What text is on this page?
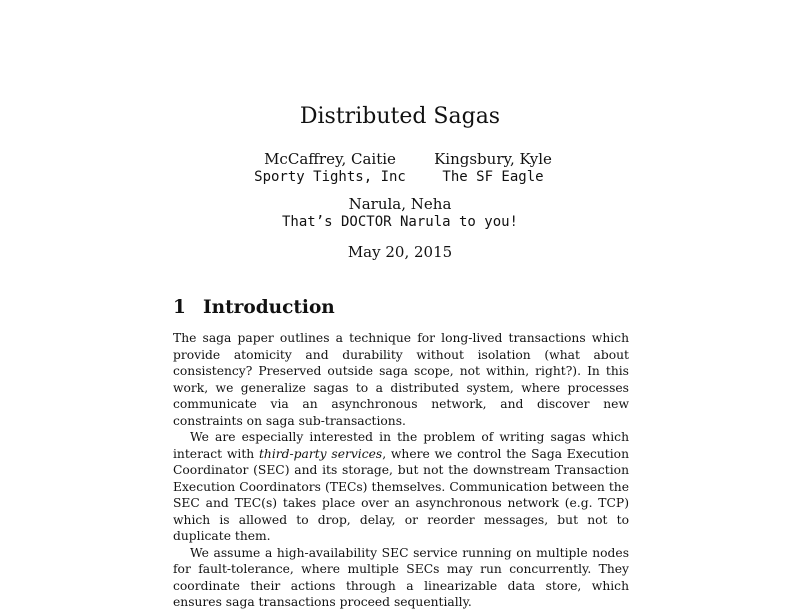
Distributed Sagas
McCaffrey, Caitie
Sporty Tights, Inc
Kingsbury, Kyle
The SF Eagle
Narula, Neha
That’s DOCTOR Narula to you!
May 20, 2015
1 Introduction

The saga paper outlines a technique for long-lived transactions which provide atomicity and durability without isolation (what about consistency? Preserved outside saga scope, not within, right?). In this work, we generalize sagas to a distributed system, where processes communicate via an asynchronous network, and discover new constraints on saga sub-transactions.

We are especially interested in the problem of writing sagas which interact with third-party services, where we control the Saga Execution Coordinator (SEC) and its storage, but not the downstream Transaction Execution Coordinators (TECs) themselves. Communication between the SEC and TEC(s) takes place over an asynchronous network (e.g. TCP) which is allowed to drop, delay, or reorder messages, but not to duplicate them.

We assume a high-availability SEC service running on multiple nodes for fault-tolerance, where multiple SECs may run concurrently. They coordinate their actions through a linearizable data store, which ensures saga transactions proceed sequentially.
